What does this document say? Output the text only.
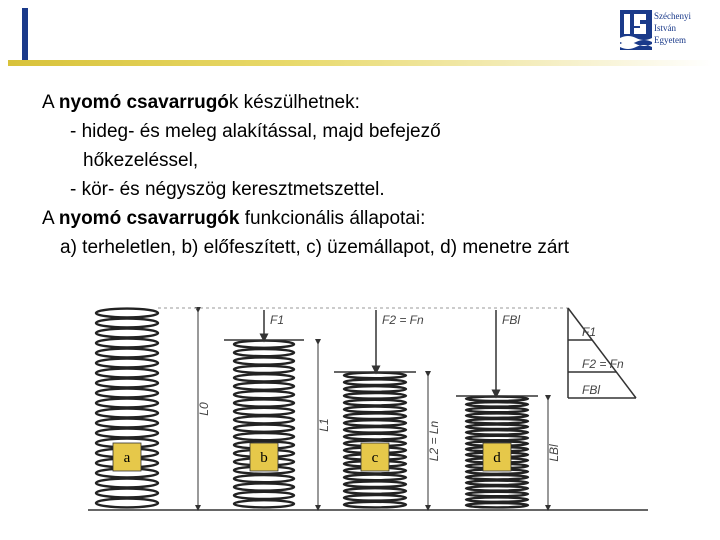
Széchenyi
István
Egyetem
A nyomó csavarrugók készülhetnek:
- hideg- és meleg alakítással, majd befejező
hőkezeléssel,
- kör- és négyszög keresztmetszettel.
A nyomó csavarrugók funkcionális állapotai:
a) terheletlen, b) előfeszített, c) üzemállapot, d) menetre zárt
a	b	c	d
L0
L1	L2 = Ln	LBl
F1	F2 = Fn	FBl
F1
F2 = Fn
FBl
